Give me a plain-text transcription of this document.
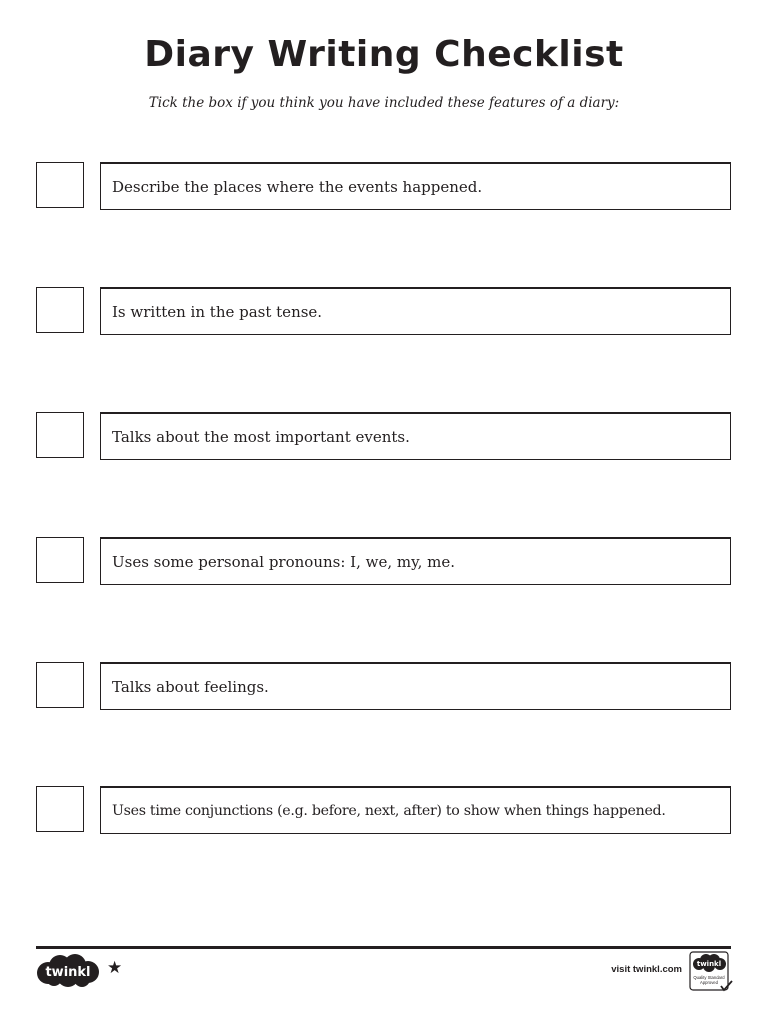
Diary Writing Checklist
Tick the box if you think you have included these features of a diary:
Describe the places where the events happened.
Is written in the past tense.
Talks about the most important events.
Uses some personal pronouns: I, we, my, me.
Talks about feelings.
Uses time conjunctions (e.g. before, next, after) to show when things happened.
twinkl ★	visit twinkl.com twinkl
Quality Standard
Approved
